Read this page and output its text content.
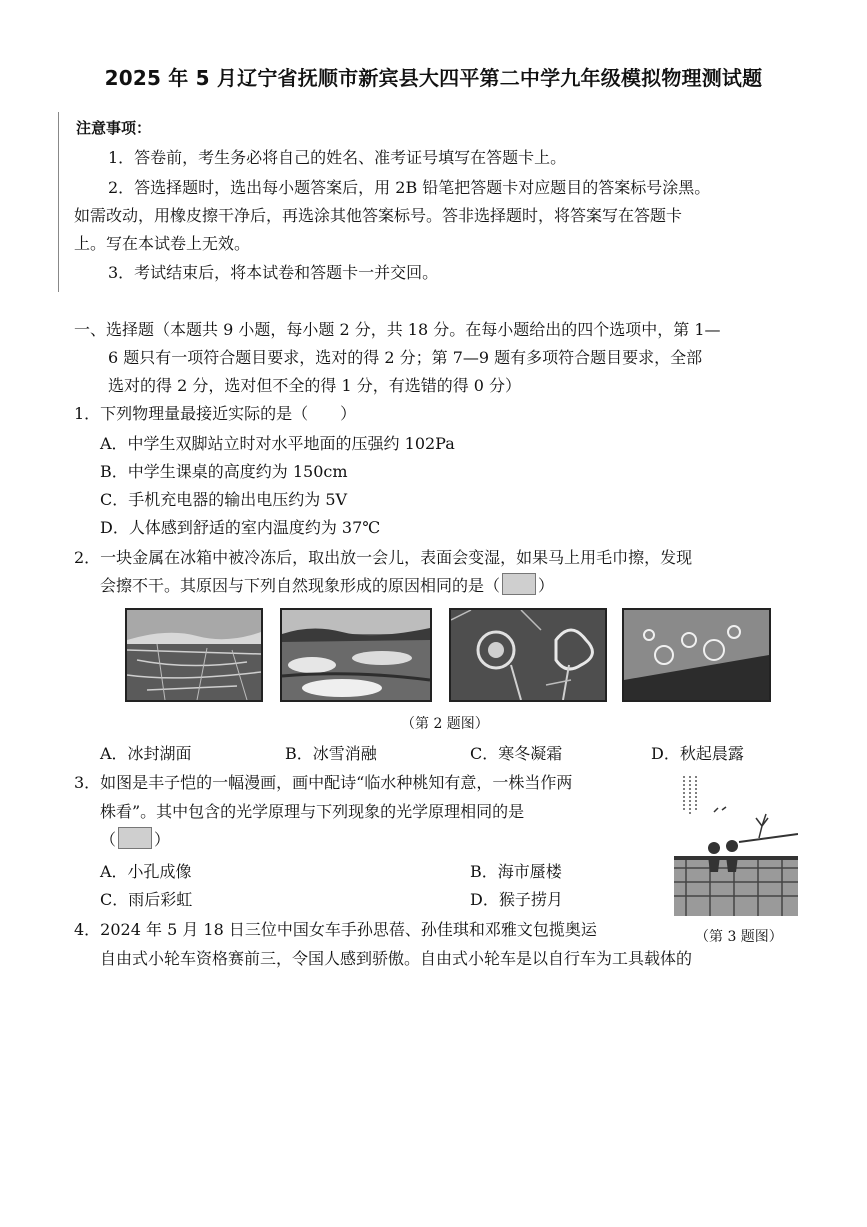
2025 年 5 月辽宁省抚顺市新宾县大四平第二中学九年级模拟物理测试题
注意事项：
1．答卷前，考生务必将自己的姓名、准考证号填写在答题卡上。
2．答选择题时，选出每小题答案后，用 2B 铅笔把答题卡对应题目的答案标号涂黑。
如需改动，用橡皮擦干净后，再选涂其他答案标号。答非选择题时，将答案写在答题卡
上。写在本试卷上无效。
3．考试结束后，将本试卷和答题卡一并交回。
一、选择题（本题共 9 小题，每小题 2 分，共 18 分。在每小题给出的四个选项中，第 1—
6 题只有一项符合题目要求，选对的得 2 分；第 7—9 题有多项符合题目要求，全部
选对的得 2 分，选对但不全的得 1 分，有选错的得 0 分）
1．下列物理量最接近实际的是（　　）
A．中学生双脚站立时对水平地面的压强约 102Pa
B．中学生课桌的高度约为 150cm
C．手机充电器的输出电压约为 5V
D．人体感到舒适的室内温度约为 37℃
2．一块金属在冰箱中被冷冻后，取出放一会儿，表面会变湿，如果马上用毛巾擦，发现
会擦不干。其原因与下列自然现象形成的原因相同的是（ ）
（第 2 题图）
A．冰封湖面	B．冰雪消融	C．寒冬凝霜	D．秋起晨露
3．如图是丰子恺的一幅漫画，画中配诗“临水种桃知有意，一株当作两
株看”。其中包含的光学原理与下列现象的光学原理相同的是
（ ）
A．小孔成像	B．海市蜃楼
C．雨后彩虹	D．猴子捞月
（第 3 题图）
4．2024 年 5 月 18 日三位中国女车手孙思蓓、孙佳琪和邓雅文包揽奥运
自由式小轮车资格赛前三，令国人感到骄傲。自由式小轮车是以自行车为工具载体的
